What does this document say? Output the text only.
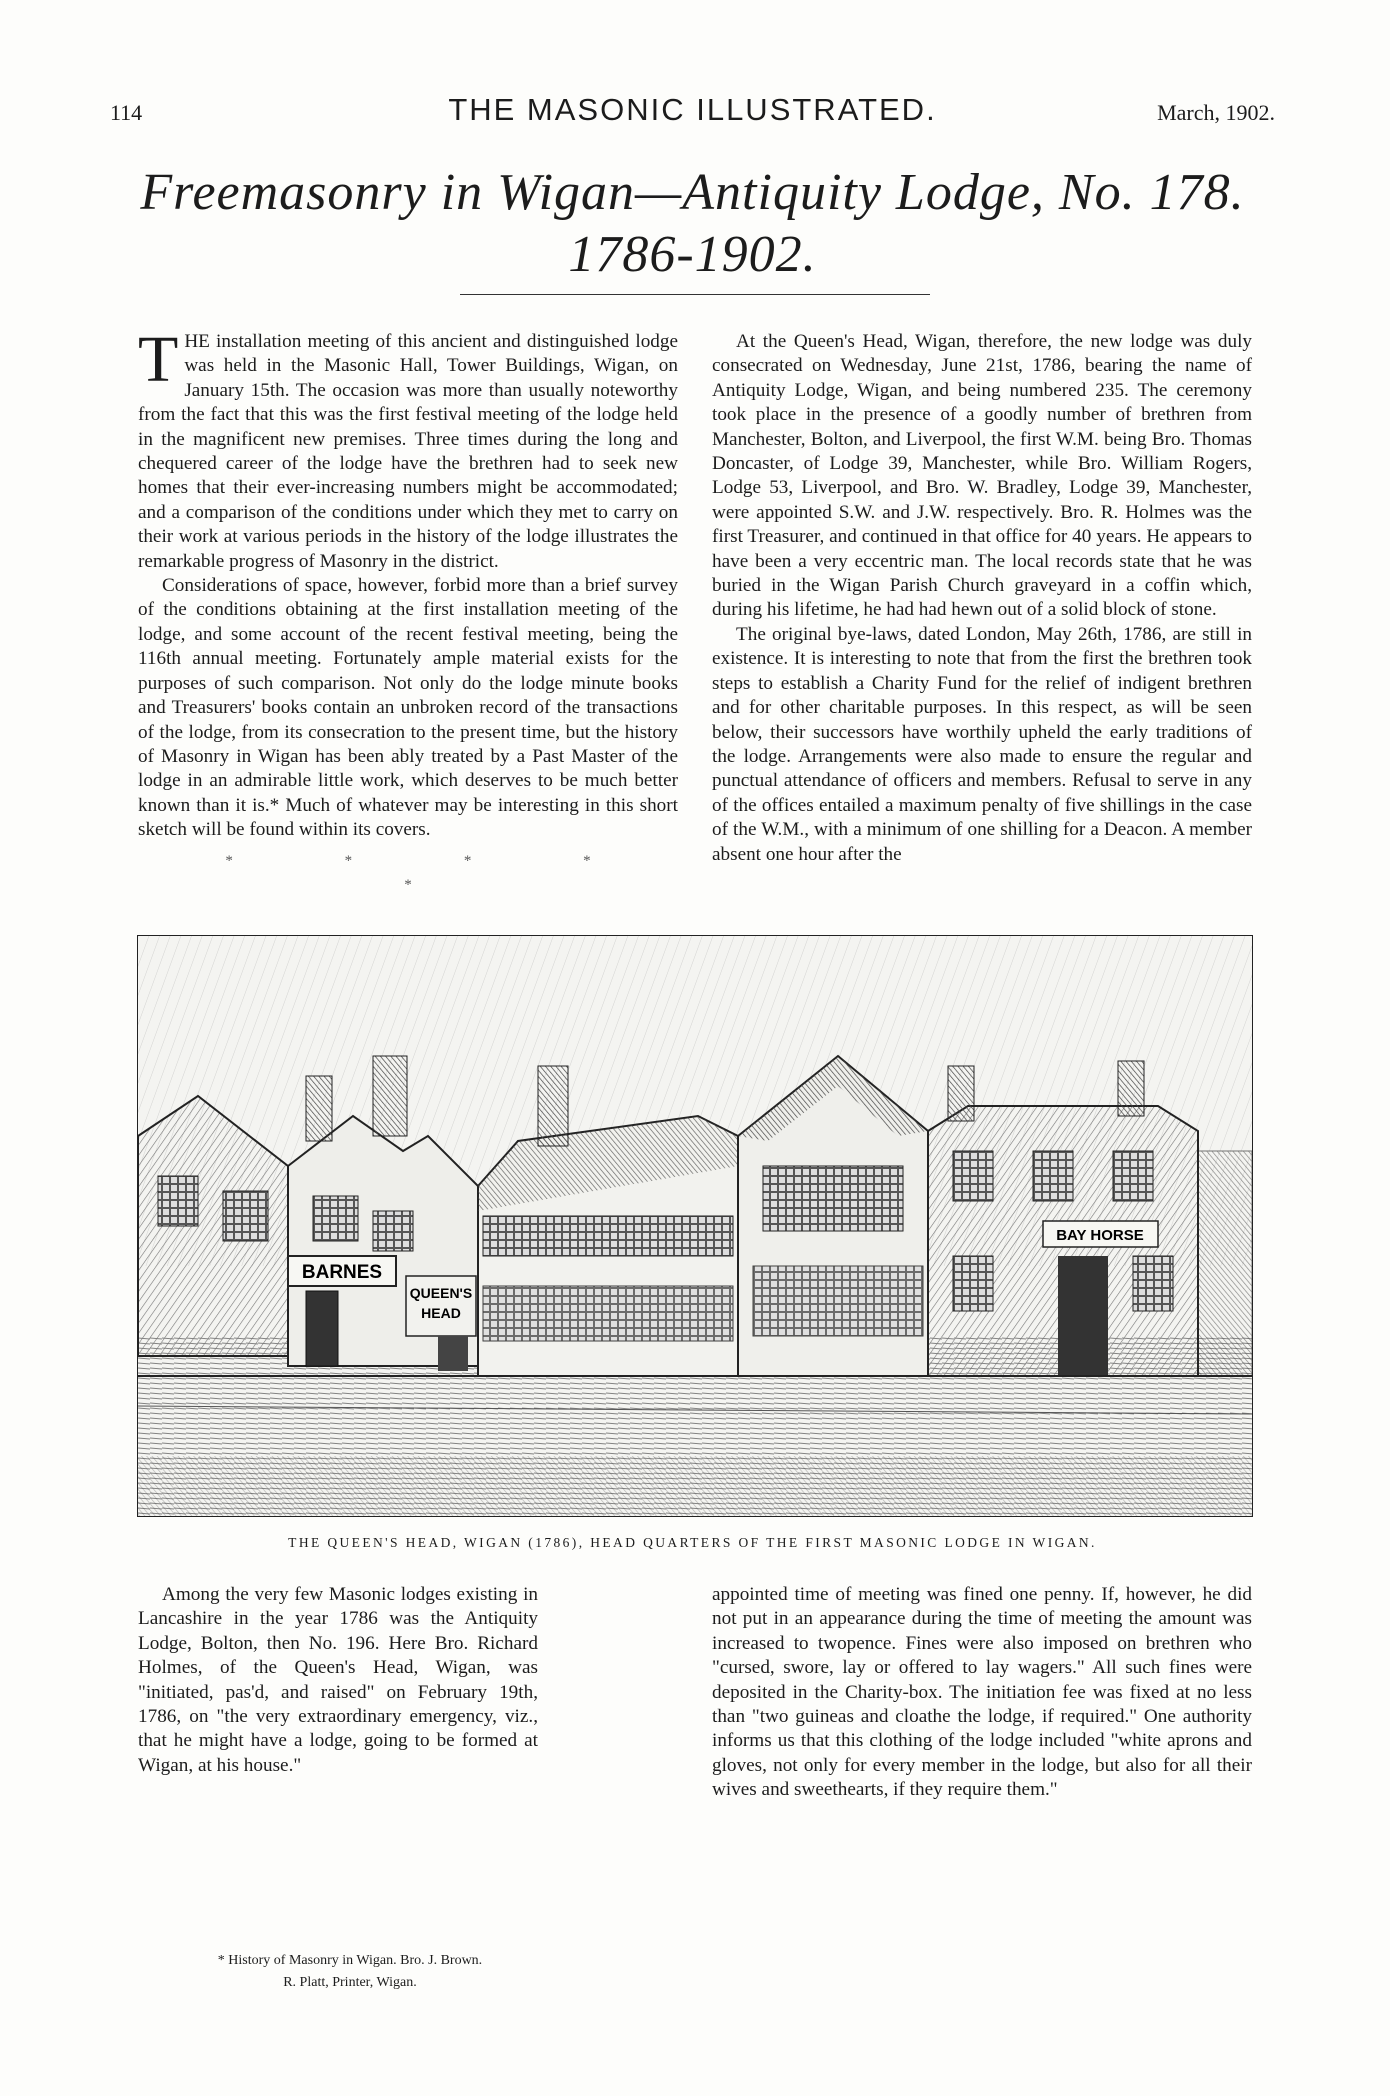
114	THE MASONIC ILLUSTRATED.	March, 1902.
Freemasonry in Wigan—Antiquity Lodge, No. 178.
1786-1902.

THE installation meeting of this ancient and distinguished lodge was held in the Masonic Hall, Tower Buildings, Wigan, on January 15th. The occasion was more than usually noteworthy from the fact that this was the first festival meeting of the lodge held in the magnificent new premises. Three times during the long and chequered career of the lodge have the brethren had to seek new homes that their ever-increasing numbers might be accommodated; and a comparison of the conditions under which they met to carry on their work at various periods in the history of the lodge illustrates the remarkable progress of Masonry in the district.

Considerations of space, however, forbid more than a brief survey of the conditions obtaining at the first installation meeting of the lodge, and some account of the recent festival meeting, being the 116th annual meeting. Fortunately ample material exists for the purposes of such comparison. Not only do the lodge minute books and Treasurers' books contain an unbroken record of the transactions of the lodge, from its consecration to the present time, but the history of Masonry in Wigan has been ably treated by a Past Master of the lodge in an admirable little work, which deserves to be much better known than it is.* Much of whatever may be interesting in this short sketch will be found within its covers.

* * * * *

At the Queen's Head, Wigan, therefore, the new lodge was duly consecrated on Wednesday, June 21st, 1786, bearing the name of Antiquity Lodge, Wigan, and being numbered 235. The ceremony took place in the presence of a goodly number of brethren from Manchester, Bolton, and Liverpool, the first W.M. being Bro. Thomas Doncaster, of Lodge 39, Manchester, while Bro. William Rogers, Lodge 53, Liverpool, and Bro. W. Bradley, Lodge 39, Manchester, were appointed S.W. and J.W. respectively. Bro. R. Holmes was the first Treasurer, and continued in that office for 40 years. He appears to have been a very eccentric man. The local records state that he was buried in the Wigan Parish Church graveyard in a coffin which, during his lifetime, he had had hewn out of a solid block of stone.

The original bye-laws, dated London, May 26th, 1786, are still in existence. It is interesting to note that from the first the brethren took steps to establish a Charity Fund for the relief of indigent brethren and for other charitable purposes. In this respect, as will be seen below, their successors have worthily upheld the early traditions of the lodge. Arrangements were also made to ensure the regular and punctual attendance of officers and members. Refusal to serve in any of the offices entailed a maximum penalty of five shillings in the case of the W.M., with a minimum of one shilling for a Deacon. A member absent one hour after the

BARNES
QUEEN'S
HEAD
BAY HORSE
THE QUEEN'S HEAD, WIGAN (1786), HEAD QUARTERS OF THE FIRST MASONIC LODGE IN WIGAN.

Among the very few Masonic lodges existing in Lancashire in the year 1786 was the Antiquity Lodge, Bolton, then No. 196. Here Bro. Richard Holmes, of the Queen's Head, Wigan, was "initiated, pas'd, and raised" on February 19th, 1786, on "the very extraordinary emergency, viz., that he might have a lodge, going to be formed at Wigan, at his house."

* History of Masonry in Wigan. Bro. J. Brown.
R. Platt, Printer, Wigan.

appointed time of meeting was fined one penny. If, however, he did not put in an appearance during the time of meeting the amount was increased to twopence. Fines were also imposed on brethren who "cursed, swore, lay or offered to lay wagers." All such fines were deposited in the Charity-box. The initiation fee was fixed at no less than "two guineas and cloathe the lodge, if required." One authority informs us that this clothing of the lodge included "white aprons and gloves, not only for every member in the lodge, but also for all their wives and sweethearts, if they require them."
